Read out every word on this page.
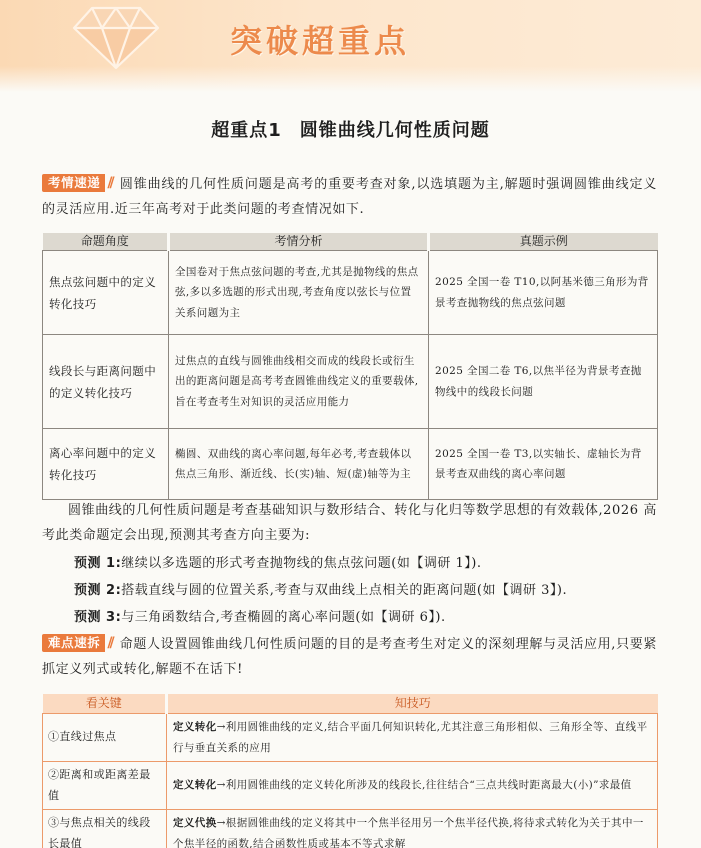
突破超重点
超重点1 圆锥曲线几何性质问题
考情速递 // 圆锥曲线的几何性质问题是高考的重要考查对象,以选填题为主,解题时强调圆锥曲线定义的灵活应用.近三年高考对于此类问题的考查情况如下.
命题角度	考情分析	真题示例
焦点弦问题中的定义转化技巧	全国卷对于焦点弦问题的考查,尤其是抛物线的焦点弦,多以多选题的形式出现,考查角度以弦长与位置关系问题为主	2025 全国一卷 T10,以阿基米德三角形为背景考查抛物线的焦点弦问题
线段长与距离问题中的定义转化技巧	过焦点的直线与圆锥曲线相交而成的线段长或衍生出的距离问题是高考考查圆锥曲线定义的重要载体,旨在考查考生对知识的灵活应用能力	2025 全国二卷 T6,以焦半径为背景考查抛物线中的线段长问题
离心率问题中的定义转化技巧	椭圆、双曲线的离心率问题,每年必考,考查载体以焦点三角形、渐近线、长(实)轴、短(虚)轴等为主	2025 全国一卷 T3,以实轴长、虚轴长为背景考查双曲线的离心率问题
圆锥曲线的几何性质问题是考查基础知识与数形结合、转化与化归等数学思想的有效载体,2026 高考此类命题定会出现,预测其考查方向主要为:
预测 1:继续以多选题的形式考查抛物线的焦点弦问题(如【调研 1】).
预测 2:搭载直线与圆的位置关系,考查与双曲线上点相关的距离问题(如【调研 3】).
预测 3:与三角函数结合,考查椭圆的离心率问题(如【调研 6】).
难点速拆 // 命题人设置圆锥曲线几何性质问题的目的是考查考生对定义的深刻理解与灵活应用,只要紧抓定义列式或转化,解题不在话下!
看关键	知技巧
①直线过焦点	定义转化→利用圆锥曲线的定义,结合平面几何知识转化,尤其注意三角形相似、三角形全等、直线平行与垂直关系的应用
②距离和或距离差最值	定义转化→利用圆锥曲线的定义转化所涉及的线段长,往往结合“三点共线时距离最大(小)”求最值
③与焦点相关的线段长最值	定义代换→根据圆锥曲线的定义将其中一个焦半径用另一个焦半径代换,将待求式转化为关于其中一个焦半径的函数,结合函数性质或基本不等式求解
